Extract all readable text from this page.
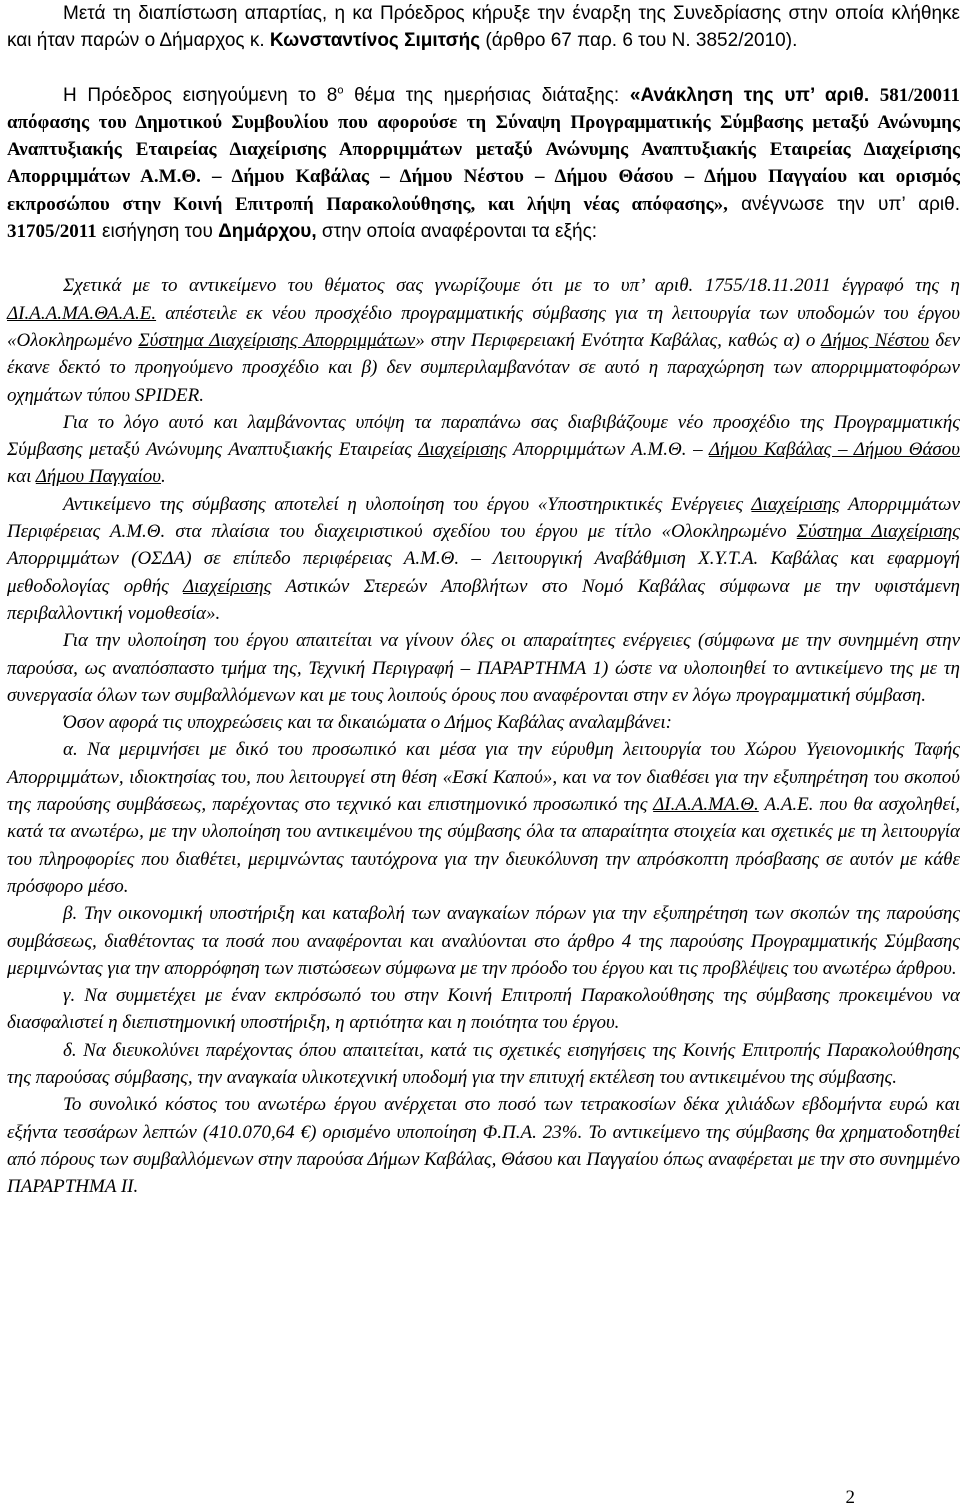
Μετά τη διαπίστωση απαρτίας, η κα Πρόεδρος κήρυξε την έναρξη της Συνεδρίασης στην οποία κλήθηκε και ήταν παρών ο Δήμαρχος κ. Κωνσταντίνος Σιμιτσής (άρθρο 67 παρ. 6 του Ν. 3852/2010).

Η Πρόεδρος εισηγούμενη το $8^o$ θέμα της ημερήσιας διάταξης: «Ανάκληση της υπ’ αριθ. 581/20011 απόφασης του Δημοτικού Συμβουλίου που αφορούσε τη Σύναψη Προγραμματικής Σύμβασης μεταξύ Ανώνυμης Αναπτυξιακής Εταιρείας Διαχείρισης Απορριμμάτων μεταξύ Ανώνυμης Αναπτυξιακής Εταιρείας Διαχείρισης Απορριμμάτων Α.Μ.Θ. – Δήμου Καβάλας – Δήμου Νέστου – Δήμου Θάσου – Δήμου Παγγαίου και ορισμός εκπροσώπου στην Κοινή Επιτροπή Παρακολούθησης, και λήψη νέας απόφασης», ανέγνωσε την υπ’ αριθ. 31705/2011 εισήγηση του Δημάρχου, στην οποία αναφέρονται τα εξής:

Σχετικά με το αντικείμενο του θέματος σας γνωρίζουμε ότι με το υπ’ αριθ. 1755/18.11.2011 έγγραφό της η ΔΙ.Α.Α.ΜΑ.ΘΑ.Α.Ε. απέστειλε εκ νέου προσχέδιο προγραμματικής σύμβασης για τη λειτουργία των υποδομών του έργου «Ολοκληρωμένο Σύστημα Διαχείρισης Απορριμμάτων» στην Περιφερειακή Ενότητα Καβάλας, καθώς α) ο Δήμος Νέστου δεν έκανε δεκτό το προηγούμενο προσχέδιο και β) δεν συμπεριλαμβανόταν σε αυτό η παραχώρηση των απορριμματοφόρων οχημάτων τύπου SPIDER.

Για το λόγο αυτό και λαμβάνοντας υπόψη τα παραπάνω σας διαβιβάζουμε νέο προσχέδιο της Προγραμματικής Σύμβασης μεταξύ Ανώνυμης Αναπτυξιακής Εταιρείας Διαχείρισης Απορριμμάτων Α.Μ.Θ. – Δήμου Καβάλας – Δήμου Θάσου και Δήμου Παγγαίου.

Αντικείμενο της σύμβασης αποτελεί η υλοποίηση του έργου «Υποστηρικτικές Ενέργειες Διαχείρισης Απορριμμάτων Περιφέρειας Α.Μ.Θ. στα πλαίσια του διαχειριστικού σχεδίου του έργου με τίτλο «Ολοκληρωμένο Σύστημα Διαχείρισης Απορριμμάτων (ΟΣΔΑ) σε επίπεδο περιφέρειας Α.Μ.Θ. – Λειτουργική Αναβάθμιση Χ.Υ.Τ.Α. Καβάλας και εφαρμογή μεθοδολογίας ορθής Διαχείρισης Αστικών Στερεών Αποβλήτων στο Νομό Καβάλας σύμφωνα με την υφιστάμενη περιβαλλοντική νομοθεσία».

Για την υλοποίηση του έργου απαιτείται να γίνουν όλες οι απαραίτητες ενέργειες (σύμφωνα με την συνημμένη στην παρούσα, ως αναπόσπαστο τμήμα της, Τεχνική Περιγραφή – ΠΑΡΑΡΤΗΜΑ 1) ώστε να υλοποιηθεί το αντικείμενο της με τη συνεργασία όλων των συμβαλλόμενων και με τους λοιπούς όρους που αναφέρονται στην εν λόγω προγραμματική σύμβαση.

Όσον αφορά τις υποχρεώσεις και τα δικαιώματα ο Δήμος Καβάλας αναλαμβάνει:

α. Να μεριμνήσει με δικό του προσωπικό και μέσα για την εύρυθμη λειτουργία του Χώρου Υγειονομικής Ταφής Απορριμμάτων, ιδιοκτησίας του, που λειτουργεί στη θέση «Εσκί Καπού», και να τον διαθέσει για την εξυπηρέτηση του σκοπού της παρούσης συμβάσεως, παρέχοντας στο τεχνικό και επιστημονικό προσωπικό της ΔΙ.Α.Α.ΜΑ.Θ. Α.Α.Ε. που θα ασχοληθεί, κατά τα ανωτέρω, με την υλοποίηση του αντικειμένου της σύμβασης όλα τα απαραίτητα στοιχεία και σχετικές με τη λειτουργία του πληροφορίες που διαθέτει, μεριμνώντας ταυτόχρονα για την διευκόλυνση την απρόσκοπτη πρόσβασης σε αυτόν με κάθε πρόσφορο μέσο.

β. Την οικονομική υποστήριξη και καταβολή των αναγκαίων πόρων για την εξυπηρέτηση των σκοπών της παρούσης συμβάσεως, διαθέτοντας τα ποσά που αναφέρονται και αναλύονται στο άρθρο 4 της παρούσης Προγραμματικής Σύμβασης μεριμνώντας για την απορρόφηση των πιστώσεων σύμφωνα με την πρόοδο του έργου και τις προβλέψεις του ανωτέρω άρθρου.

γ. Να συμμετέχει με έναν εκπρόσωπό του στην Κοινή Επιτροπή Παρακολούθησης της σύμβασης προκειμένου να διασφαλιστεί η διεπιστημονική υποστήριξη, η αρτιότητα και η ποιότητα του έργου.

δ. Να διευκολύνει παρέχοντας όπου απαιτείται, κατά τις σχετικές εισηγήσεις της Κοινής Επιτροπής Παρακολούθησης της παρούσας σύμβασης, την αναγκαία υλικοτεχνική υποδομή για την επιτυχή εκτέλεση του αντικειμένου της σύμβασης.

Το συνολικό κόστος του ανωτέρω έργου ανέρχεται στο ποσό των τετρακοσίων δέκα χιλιάδων εβδομήντα ευρώ και εξήντα τεσσάρων λεπτών (410.070,64 €) ορισμένο υποποίηση Φ.Π.Α. 23%. Το αντικείμενο της σύμβασης θα χρηματοδοτηθεί από πόρους των συμβαλλόμενων στην παρούσα Δήμων Καβάλας, Θάσου και Παγγαίου όπως αναφέρεται με την στο συνημμένο ΠΑΡΑΡΤΗΜΑ ΙΙ.

2
